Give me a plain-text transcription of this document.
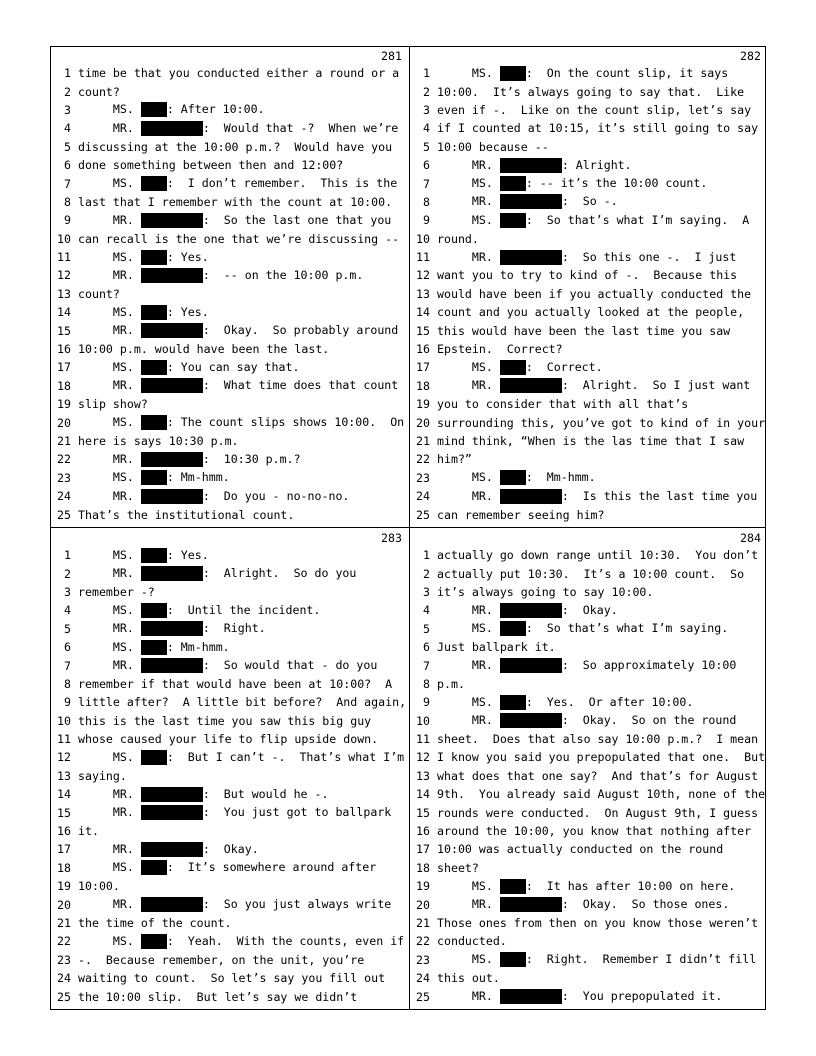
281
1 time be that you conducted either a round or a
2 count?
3 MS. : After 10:00.
4 MR.	:  Would that -?  When we’re
5 discussing at the 10:00 p.m.?  Would have you
6 done something between then and 12:00?
7 MS. :  I don’t remember.  This is the
8 last that I remember with the count at 10:00.
9 MR.	:  So the last one that you
10 can recall is the one that we’re discussing --
11 MS. : Yes.
12 MR.	:  -- on the 10:00 p.m.
13 count?
14 MS. : Yes.
15 MR.	:  Okay.  So probably around
16 10:00 p.m. would have been the last.
17 MS. : You can say that.
18 MR.	:  What time does that count
19 slip show?
20 MS. : The count slips shows 10:00.  On
21 here is says 10:30 p.m.
22 MR.	:  10:30 p.m.?
23 MS. : Mm-hmm.
24 MR.	:  Do you - no-no-no.
25 That’s the institutional count.
282
1 MS. :  On the count slip, it says
2 10:00.  It’s always going to say that.  Like
3 even if -.  Like on the count slip, let’s say
4 if I counted at 10:15, it’s still going to say
5 10:00 because --
6 MR.	: Alright.
7 MS. : -- it’s the 10:00 count.
8 MR.	:  So -.
9 MS. :  So that’s what I’m saying.  A
10 round.
11 MR.	:  So this one -.  I just
12 want you to try to kind of -.  Because this
13 would have been if you actually conducted the
14 count and you actually looked at the people,
15 this would have been the last time you saw
16 Epstein.  Correct?
17 MS. :  Correct.
18 MR.	:  Alright.  So I just want
19 you to consider that with all that’s
20 surrounding this, you’ve got to kind of in your
21 mind think, “When is the las time that I saw
22 him?”
23 MS. :  Mm-hmm.
24 MR.	:  Is this the last time you
25 can remember seeing him?
283
1 MS. : Yes.
2 MR.	:  Alright.  So do you
3 remember -?
4 MS. :  Until the incident.
5 MR.	:  Right.
6 MS. : Mm-hmm.
7 MR.	:  So would that - do you
8 remember if that would have been at 10:00?  A
9 little after?  A little bit before?  And again,
10 this is the last time you saw this big guy
11 whose caused your life to flip upside down.
12 MS. :  But I can’t -.  That’s what I’m
13 saying.
14 MR.	:  But would he -.
15 MR.	:  You just got to ballpark
16 it.
17 MR.	:  Okay.
18 MS. :  It’s somewhere around after
19 10:00.
20 MR.	:  So you just always write
21 the time of the count.
22 MS. :  Yeah.  With the counts, even if
23 -.  Because remember, on the unit, you’re
24 waiting to count.  So let’s say you fill out
25 the 10:00 slip.  But let’s say we didn’t
284
1 actually go down range until 10:30.  You don’t
2 actually put 10:30.  It’s a 10:00 count.  So
3 it’s always going to say 10:00.
4 MR.	:  Okay.
5 MS. :  So that’s what I’m saying.
6 Just ballpark it.
7 MR.	:  So approximately 10:00
8 p.m.
9 MS. :  Yes.  Or after 10:00.
10 MR.	:  Okay.  So on the round
11 sheet.  Does that also say 10:00 p.m.?  I mean
12 I know you said you prepopulated that one.  But
13 what does that one say?  And that’s for August
14 9th.  You already said August 10th, none of the
15 rounds were conducted.  On August 9th, I guess
16 around the 10:00, you know that nothing after
17 10:00 was actually conducted on the round
18 sheet?
19 MS. :  It has after 10:00 on here.
20 MR.	:  Okay.  So those ones.
21 Those ones from then on you know those weren’t
22 conducted.
23 MS. :  Right.  Remember I didn’t fill
24 this out.
25 MR.	:  You prepopulated it.
